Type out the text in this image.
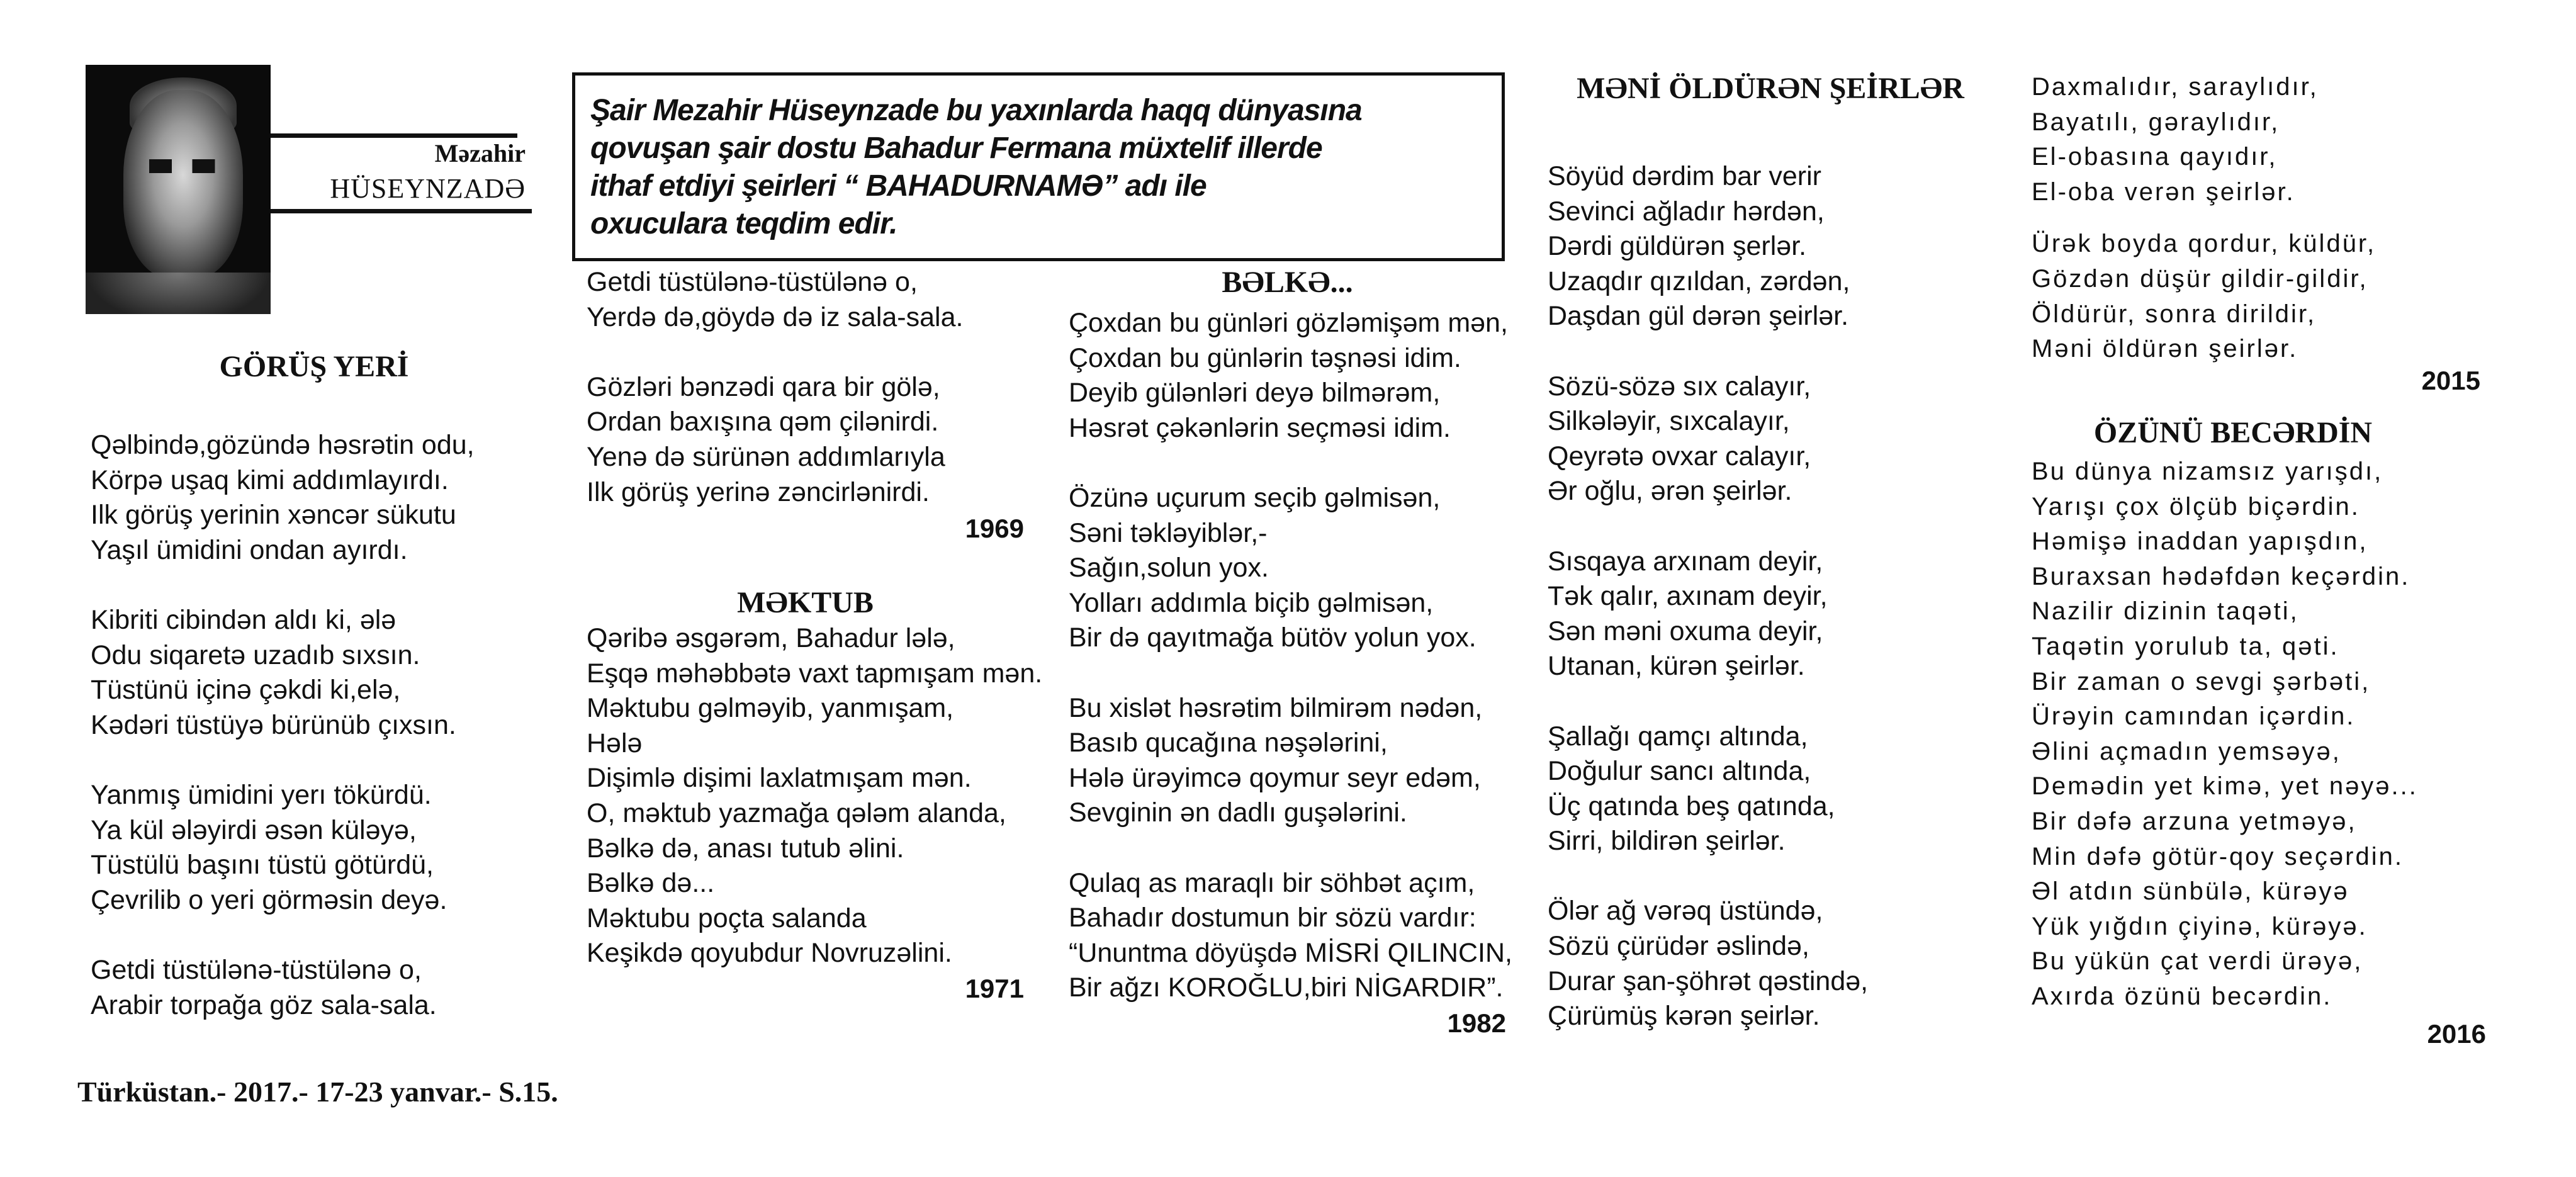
Məzahir
HÜSEYNZADƏ
Şair Mezahir Hüseynzade bu yaxınlarda haqq dünyasına
qovuşan şair dostu Bahadur Fermana müxtelif illerde
ithaf etdiyi şeirleri “ BAHADURNAMƏ” adı ile
oxuculara teqdim edir.
GÖRÜŞ YERİ
Qəlbində,gözündə həsrətin odu,
Körpə uşaq kimi addımlayırdı.
Ilk görüş yerinin xəncər sükutu
Yaşıl ümidini ondan ayırdı.
Kibriti cibindən aldı ki, ələ
Odu siqaretə uzadıb sıxsın.
Tüstünü içinə çəkdi ki,elə,
Kədəri tüstüyə bürünüb çıxsın.
Yanmış ümidini yerı tökürdü.
Ya kül ələyirdi əsən küləyə,
Tüstülü başını tüstü götürdü,
Çevrilib o yeri görməsin deyə.
Getdi tüstülənə-tüstülənə o,
Arabir torpağa göz sala-sala.
Getdi tüstülənə-tüstülənə o,
Yerdə də,göydə də iz sala-sala.
Gözləri bənzədi qara bir gölə,
Ordan baxışına qəm çilənirdi.
Yenə də sürünən addımlarıyla
Ilk görüş yerinə zəncirlənirdi.
1969
MƏKTUB
Qəribə əsgərəm, Bahadur lələ,
Eşqə məhəbbətə vaxt tapmışam mən.
Məktubu gəlməyib, yanmışam,
Hələ
Dişimlə dişimi laxlatmışam mən.
O, məktub yazmağa qələm alanda,
Bəlkə də, anası tutub əlini.
Bəlkə də...
Məktubu poçta salanda
Keşikdə qoyubdur Novruzəlini.
1971
BƏLKƏ...
Çoxdan bu günləri gözləmişəm mən,
Çoxdan bu günlərin təşnəsi idim.
Deyib gülənləri deyə bilmərəm,
Həsrət çəkənlərin seçməsi idim.
Özünə uçurum seçib gəlmisən,
Səni təkləyiblər,-
Sağın,solun yox.
Yolları addımla biçib gəlmisən,
Bir də qayıtmağa bütöv yolun yox.
Bu xislət həsrətim bilmirəm nədən,
Basıb qucağına nəşələrini,
Hələ ürəyimcə qoymur seyr edəm,
Sevginin ən dadlı guşələrini.
Qulaq as maraqlı bir söhbət açım,
Bahadır dostumun bir sözü vardır:
“Ununtma döyüşdə MİSRİ QILINCIN,
Bir ağzı KOROĞLU,biri NİGARDIR”.
1982
MƏNİ ÖLDÜRƏN ŞEİRLƏR
Söyüd dərdim bar verir
Sevinci ağladır hərdən,
Dərdi güldürən şerlər.
Uzaqdır qızıldan, zərdən,
Daşdan gül dərən şeirlər.
Sözü-sözə sıx calayır,
Silkələyir, sıxcalayır,
Qeyrətə ovxar calayır,
Ər oğlu, ərən şeirlər.
Sısqaya arxınam deyir,
Tək qalır, axınam deyir,
Sən məni oxuma deyir,
Utanan, kürən şeirlər.
Şallağı qamçı altında,
Doğulur sancı altında,
Üç qatında beş qatında,
Sirri, bildirən şeirlər.
Ölər ağ vərəq üstündə,
Sözü çürüdər əslində,
Durar şan-şöhrət qəstində,
Çürümüş kərən şeirlər.
Daxmalıdır, saraylıdır,
Bayatılı, gəraylıdır,
El-obasına qayıdır,
El-oba verən şeirlər.
Ürək boyda qordur, küldür,
Gözdən düşür gildir-gildir,
Öldürür, sonra dirildir,
Məni öldürən şeirlər.
2015
ÖZÜNÜ BECƏRDİN
Bu dünya nizamsız yarışdı,
Yarışı çox ölçüb biçərdin.
Həmişə inaddan yapışdın,
Buraxsan hədəfdən keçərdin.
Nazilir dizinin taqəti,
Taqətin yorulub ta, qəti.
Bir zaman o sevgi şərbəti,
Ürəyin camından içərdin.
Əlini açmadın yemsəyə,
Dem​ədin yet kimə, yet nəyə...
Bir dəfə arzuna yetməyə,
Min dəfə götür-qoy seçərdin.
Əl atdın sünbülə, kürəyə
Yük yığdın çiyinə, kürəyə.
Bu yükün çat verdi ürəyə,
Axırda özünü becərdin.
2016
Türküstan.- 2017.- 17-23 yanvar.- S.15.
